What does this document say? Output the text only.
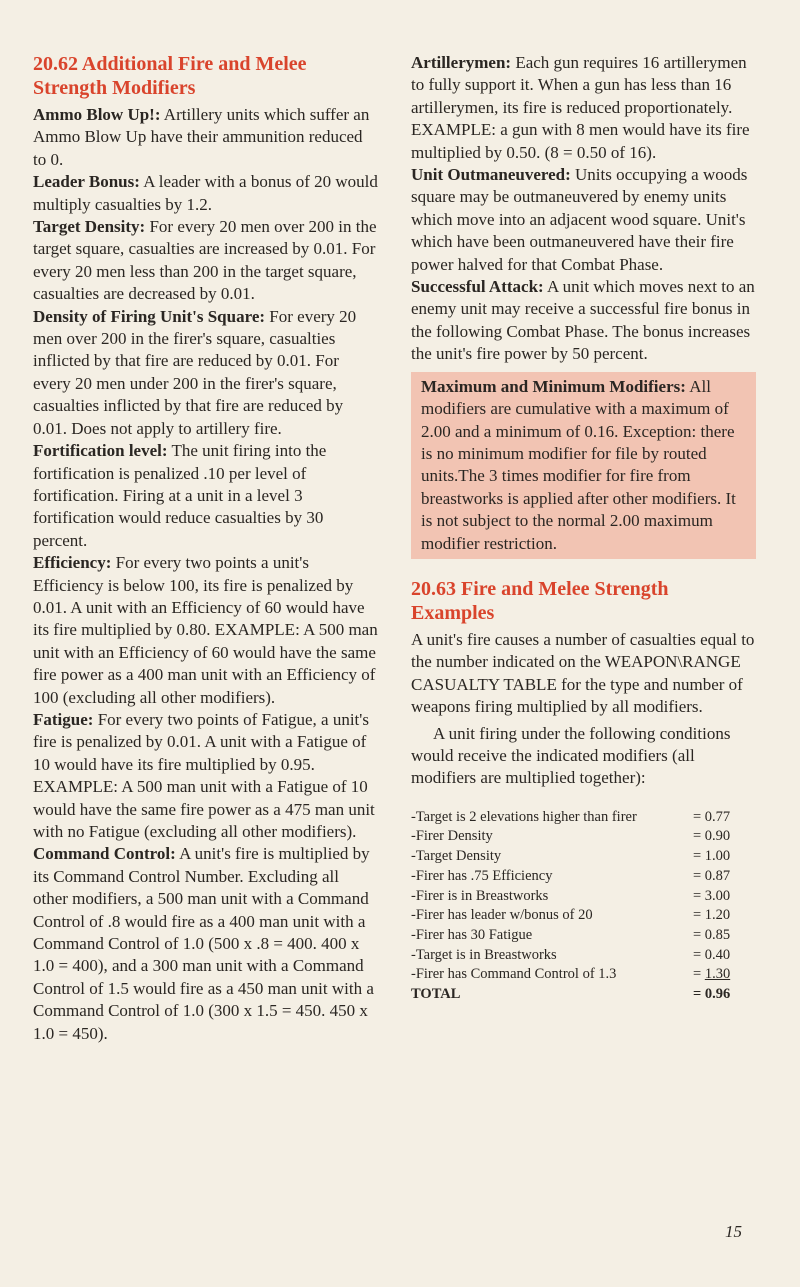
20.62 Additional Fire and Melee Strength Modifiers

Ammo Blow Up!: Artillery units which suffer an Ammo Blow Up have their ammunition reduced to 0.

Leader Bonus: A leader with a bonus of 20 would multiply casualties by 1.2.

Target Density: For every 20 men over 200 in the target square, casualties are increased by 0.01. For every 20 men less than 200 in the target square, casualties are decreased by 0.01.

Density of Firing Unit's Square: For every 20 men over 200 in the firer's square, casualties inflicted by that fire are reduced by 0.01. For every 20 men under 200 in the firer's square, casualties inflicted by that fire are reduced by 0.01. Does not apply to artillery fire.

Fortification level: The unit firing into the fortification is penalized .10 per level of fortification. Firing at a unit in a level 3 fortification would reduce casualties by 30 percent.

Efficiency: For every two points a unit's Efficiency is below 100, its fire is penalized by 0.01. A unit with an Efficiency of 60 would have its fire multiplied by 0.80. EXAMPLE: A 500 man unit with an Efficiency of 60 would have the same fire power as a 400 man unit with an Efficiency of 100 (excluding all other modifiers).

Fatigue: For every two points of Fatigue, a unit's fire is penalized by 0.01. A unit with a Fatigue of 10 would have its fire multiplied by 0.95. EXAMPLE: A 500 man unit with a Fatigue of 10 would have the same fire power as a 475 man unit with no Fatigue (excluding all other modifiers).

Command Control: A unit's fire is multiplied by its Command Control Number. Excluding all other modifiers, a 500 man unit with a Command Control of .8 would fire as a 400 man unit with a Command Control of 1.0 (500 x .8 = 400. 400 x 1.0 = 400), and a 300 man unit with a Command Control of 1.5 would fire as a 450 man unit with a Command Control of 1.0 (300 x 1.5 = 450. 450 x 1.0 = 450).

Artillerymen: Each gun requires 16 artillerymen to fully support it. When a gun has less than 16 artillerymen, its fire is reduced proportionately. EXAMPLE: a gun with 8 men would have its fire multiplied by 0.50. (8 = 0.50 of 16).

Unit Outmaneuvered: Units occupying a woods square may be outmaneuvered by enemy units which move into an adjacent wood square. Unit's which have been outmaneuvered have their fire power halved for that Combat Phase.

Successful Attack: A unit which moves next to an enemy unit may receive a successful fire bonus in the following Combat Phase. The bonus increases the unit's fire power by 50 percent.

Maximum and Minimum Modifiers: All modifiers are cumulative with a maximum of 2.00 and a minimum of 0.16. Exception: there is no minimum modifier for file by routed units.The 3 times modifier for fire from breastworks is applied after other modifiers. It is not subject to the normal 2.00 maximum modifier restriction.
20.63 Fire and Melee Strength Examples

A unit's fire causes a number of casualties equal to the number indicated on the WEAPON\RANGE CASUALTY TABLE for the type and number of weapons firing multiplied by all modifiers.

A unit firing under the following conditions would receive the indicated modifiers (all modifiers are multiplied together):

-Target is 2 elevations higher than firer	= 0.77
-Firer Density	= 0.90
-Target Density	= 1.00
-Firer has .75 Efficiency	= 0.87
-Firer is in Breastworks	= 3.00
-Firer has leader w/bonus of 20	= 1.20
-Firer has 30 Fatigue	= 0.85
-Target is in Breastworks	= 0.40
-Firer has Command Control of 1.3	= 1.30
TOTAL	= 0.96
15
